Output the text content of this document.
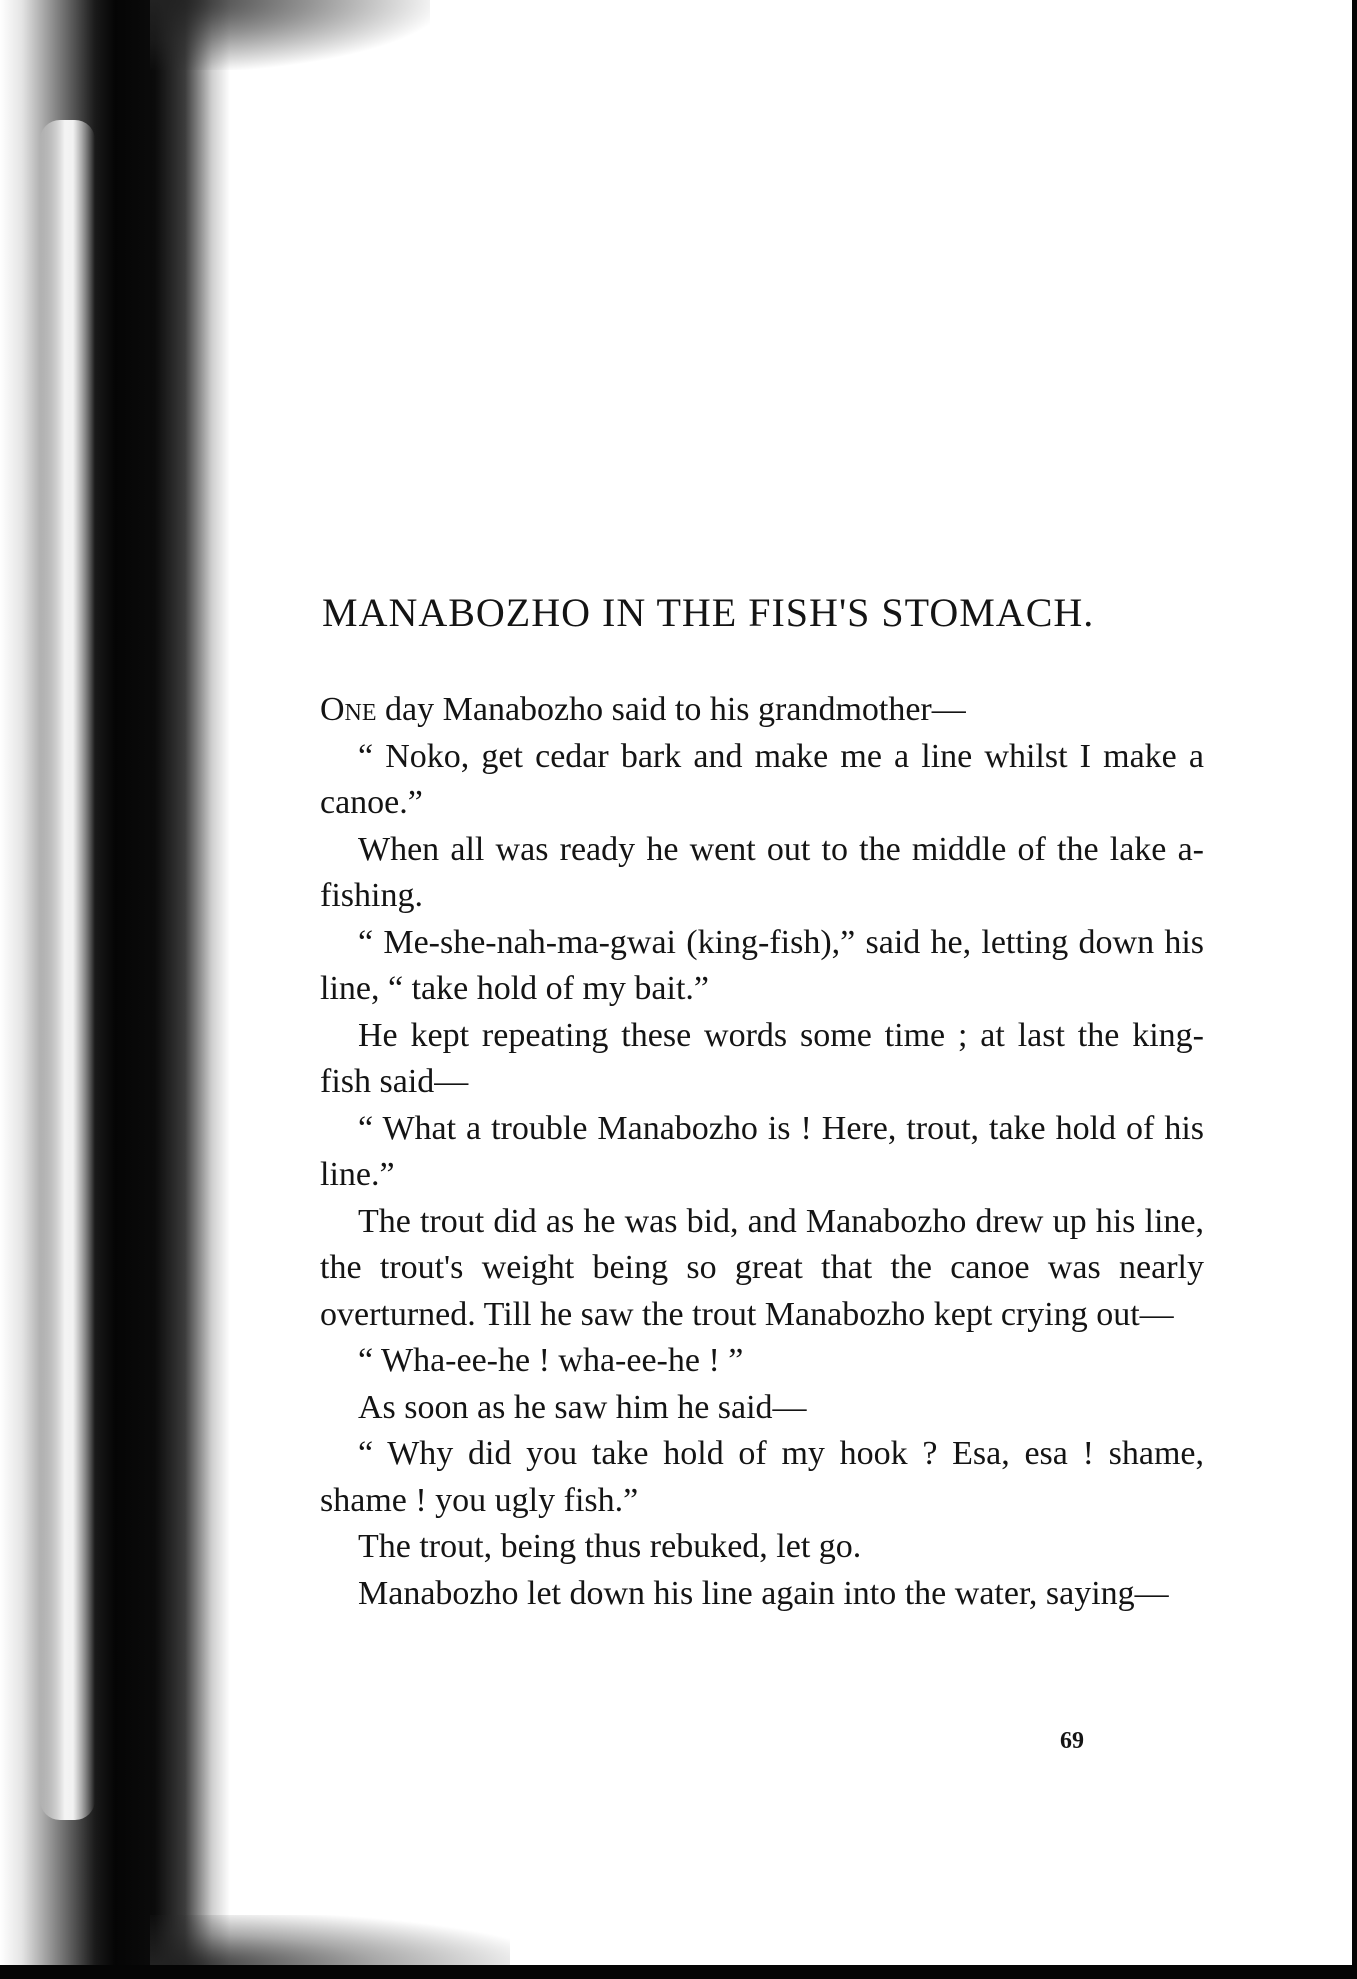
MANABOZHO IN THE FISH'S STOMACH.

One day Manabozho said to his grandmother—

“ Noko, get cedar bark and make me a line whilst I make a canoe.”

When all was ready he went out to the middle of the lake a-fishing.

“ Me-she-nah-ma-gwai (king-fish),” said he, letting down his line, “ take hold of my bait.”

He kept repeating these words some time ; at last the king-fish said—

“ What a trouble Manabozho is ! Here, trout, take hold of his line.”

The trout did as he was bid, and Manabozho drew up his line, the trout's weight being so great that the canoe was nearly overturned. Till he saw the trout Manabozho kept crying out—

“ Wha-ee-he ! wha-ee-he ! ”

As soon as he saw him he said—

“ Why did you take hold of my hook ? Esa, esa ! shame, shame ! you ugly fish.”

The trout, being thus rebuked, let go.

Manabozho let down his line again into the water, saying—

69
